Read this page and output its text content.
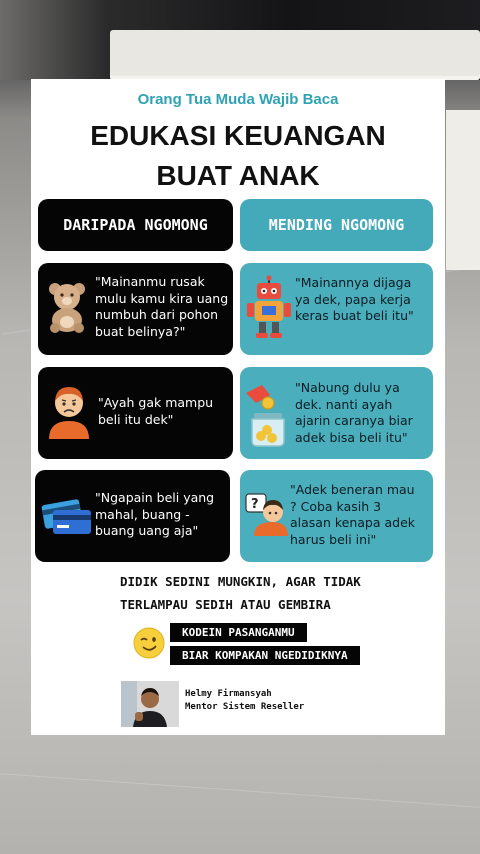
Orang Tua Muda Wajib Baca
EDUKASI KEUANGAN
BUAT ANAK
DARIPADA NGOMONG	MENDING NGOMONG
"Mainanmu rusak
mulu kamu kira uang
numbuh dari pohon
buat belinya?"
"Mainannya dijaga
ya dek, papa kerja
keras buat beli itu"
"Ayah gak mampu
beli itu dek"
"Nabung dulu ya
dek. nanti ayah
ajarin caranya biar
adek bisa beli itu"
"Ngapain beli yang
mahal, buang -
buang uang aja"
?
"Adek beneran mau
? Coba kasih 3
alasan kenapa adek
harus beli ini"
DIDIK SEDINI MUNGKIN, AGAR TIDAK
TERLAMPAU SEDIH ATAU GEMBIRA
KODEIN PASANGANMU
BIAR KOMPAKAN NGEDIDIKNYA
Helmy Firmansyah
Mentor Sistem Reseller
